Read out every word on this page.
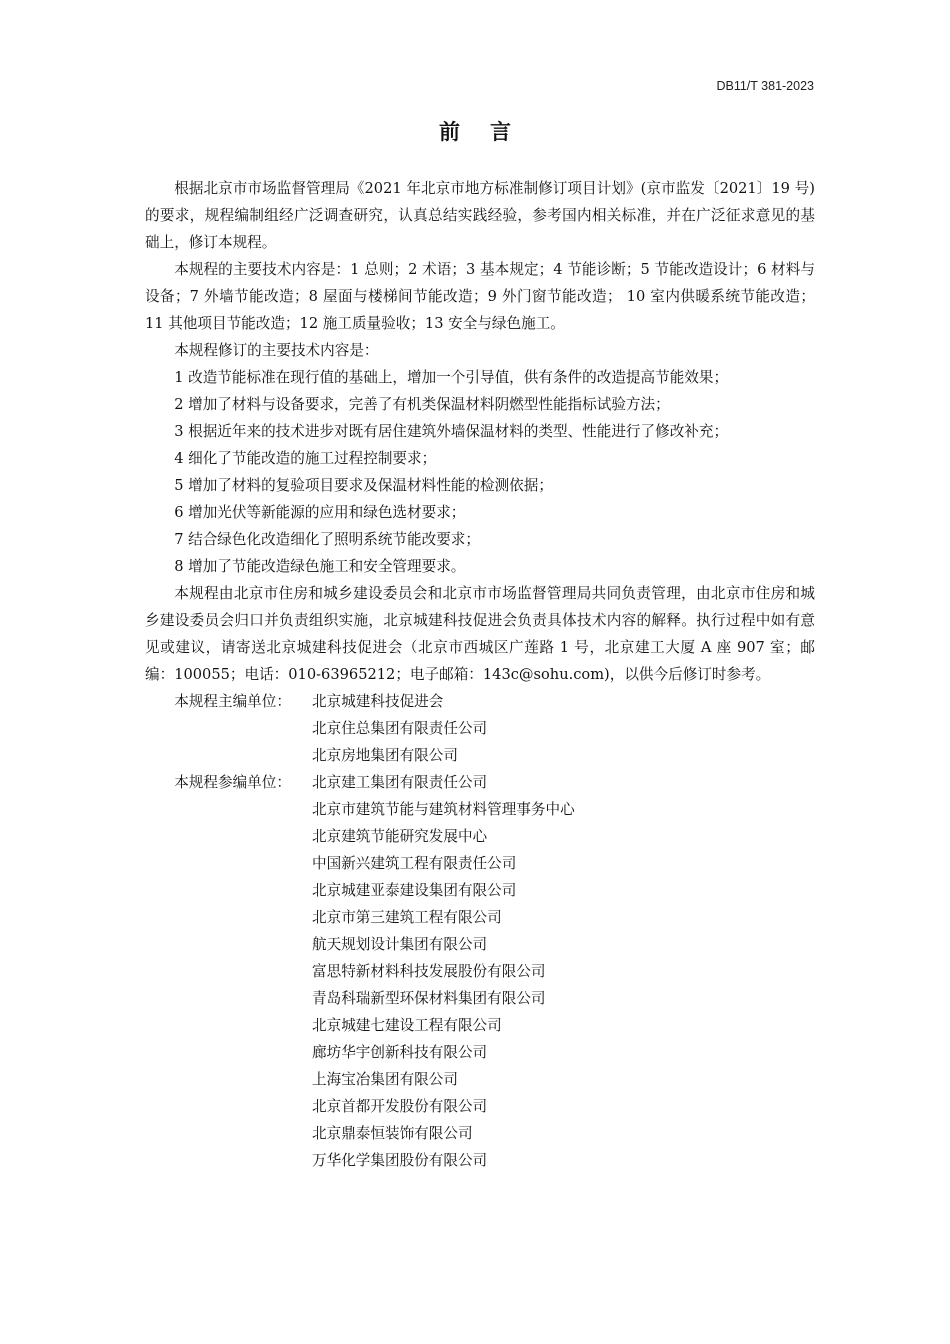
DB11/T 381-2023
前言

根据北京市市场监督管理局《2021 年北京市地方标准制修订项目计划》(京市监发〔2021〕19 号) 的要求，规程编制组经广泛调查研究，认真总结实践经验，参考国内相关标准，并在广泛征求意见的基础上，修订本规程。

本规程的主要技术内容是：1 总则；2 术语；3 基本规定；4 节能诊断；5 节能改造设计；6 材料与设备；7 外墙节能改造；8 屋面与楼梯间节能改造；9 外门窗节能改造； 10 室内供暖系统节能改造；11 其他项目节能改造；12 施工质量验收；13 安全与绿色施工。

本规程修订的主要技术内容是：

1 改造节能标准在现行值的基础上，增加一个引导值，供有条件的改造提高节能效果；

2 增加了材料与设备要求，完善了有机类保温材料阴燃型性能指标试验方法；

3 根据近年来的技术进步对既有居住建筑外墙保温材料的类型、性能进行了修改补充；

4 细化了节能改造的施工过程控制要求；

5 增加了材料的复验项目要求及保温材料性能的检测依据；

6 增加光伏等新能源的应用和绿色选材要求；

7 结合绿色化改造细化了照明系统节能改要求；

8 增加了节能改造绿色施工和安全管理要求。

本规程由北京市住房和城乡建设委员会和北京市市场监督管理局共同负责管理，由北京市住房和城乡建设委员会归口并负责组织实施，北京城建科技促进会负责具体技术内容的解释。执行过程中如有意见或建议，请寄送北京城建科技促进会（北京市西城区广莲路 1 号，北京建工大厦 A 座 907 室；邮编：100055；电话：010-63965212；电子邮箱：143c@sohu.com)，以供今后修订时参考。

本规程主编单位：	北京城建科技促进会
北京住总集团有限责任公司
北京房地集团有限公司
本规程参编单位：	北京建工集团有限责任公司
北京市建筑节能与建筑材料管理事务中心
北京建筑节能研究发展中心
中国新兴建筑工程有限责任公司
北京城建亚泰建设集团有限公司
北京市第三建筑工程有限公司
航天规划设计集团有限公司
富思特新材料科技发展股份有限公司
青岛科瑞新型环保材料集团有限公司
北京城建七建设工程有限公司
廊坊华宇创新科技有限公司
上海宝冶集团有限公司
北京首都开发股份有限公司
北京鼎泰恒装饰有限公司
万华化学集团股份有限公司
